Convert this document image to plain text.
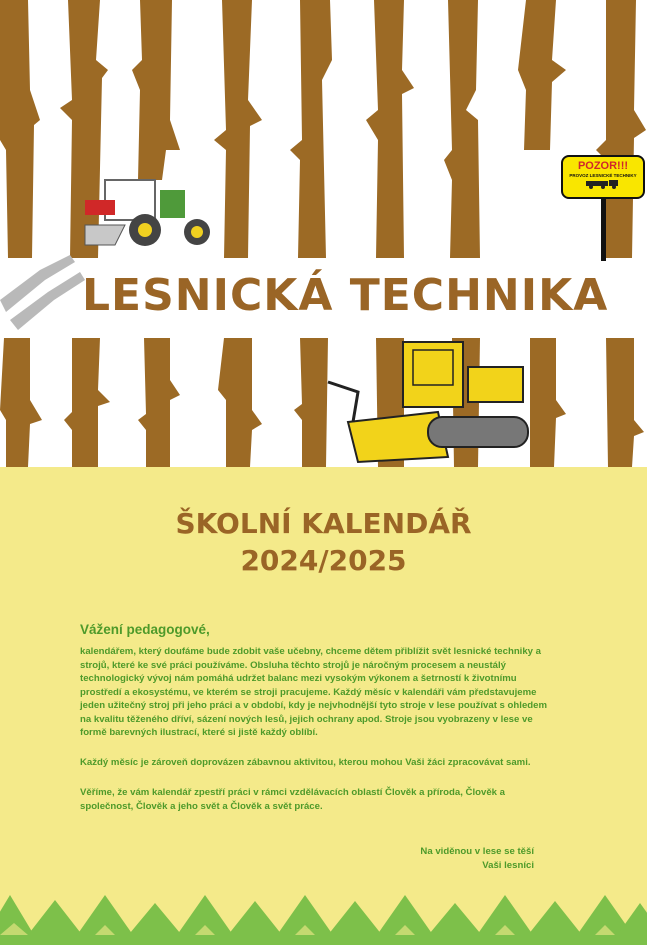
POZOR!!!
PROVOZ LESNICKÉ TECHNIKY
LESNICKÁ TECHNIKA
ŠKOLNÍ KALENDÁŘ
2024/2025
Vážení pedagogové,

kalendářem, který doufáme bude zdobit vaše učebny, chceme dětem přiblížit svět lesnické techniky a strojů, které ke své práci používáme. Obsluha těchto strojů je náročným procesem a neustálý technologický vývoj nám pomáhá udržet balanc mezi vysokým výkonem a šetrností k životnímu prostředí a ekosystému, ve kterém se stroji pracujeme. Každý měsíc v kalendáři vám představujeme jeden užitečný stroj při jeho práci a v období, kdy je nejvhodnější tyto stroje v lese používat s ohledem na kvalitu těženého dříví, sázení nových lesů, jejich ochrany apod. Stroje jsou vyobrazeny v lese ve formě barevných ilustrací, které si jistě každý oblíbí.

Každý měsíc je zároveň doprovázen zábavnou aktivitou, kterou mohou Vaši žáci zpracovávat sami.

Věříme, že vám kalendář zpestří práci v rámci vzdělávacích oblastí Člověk a příroda, Člověk a společnost, Člověk a jeho svět a Člověk a svět práce.

Na viděnou v lese se těší
Vaši lesníci
